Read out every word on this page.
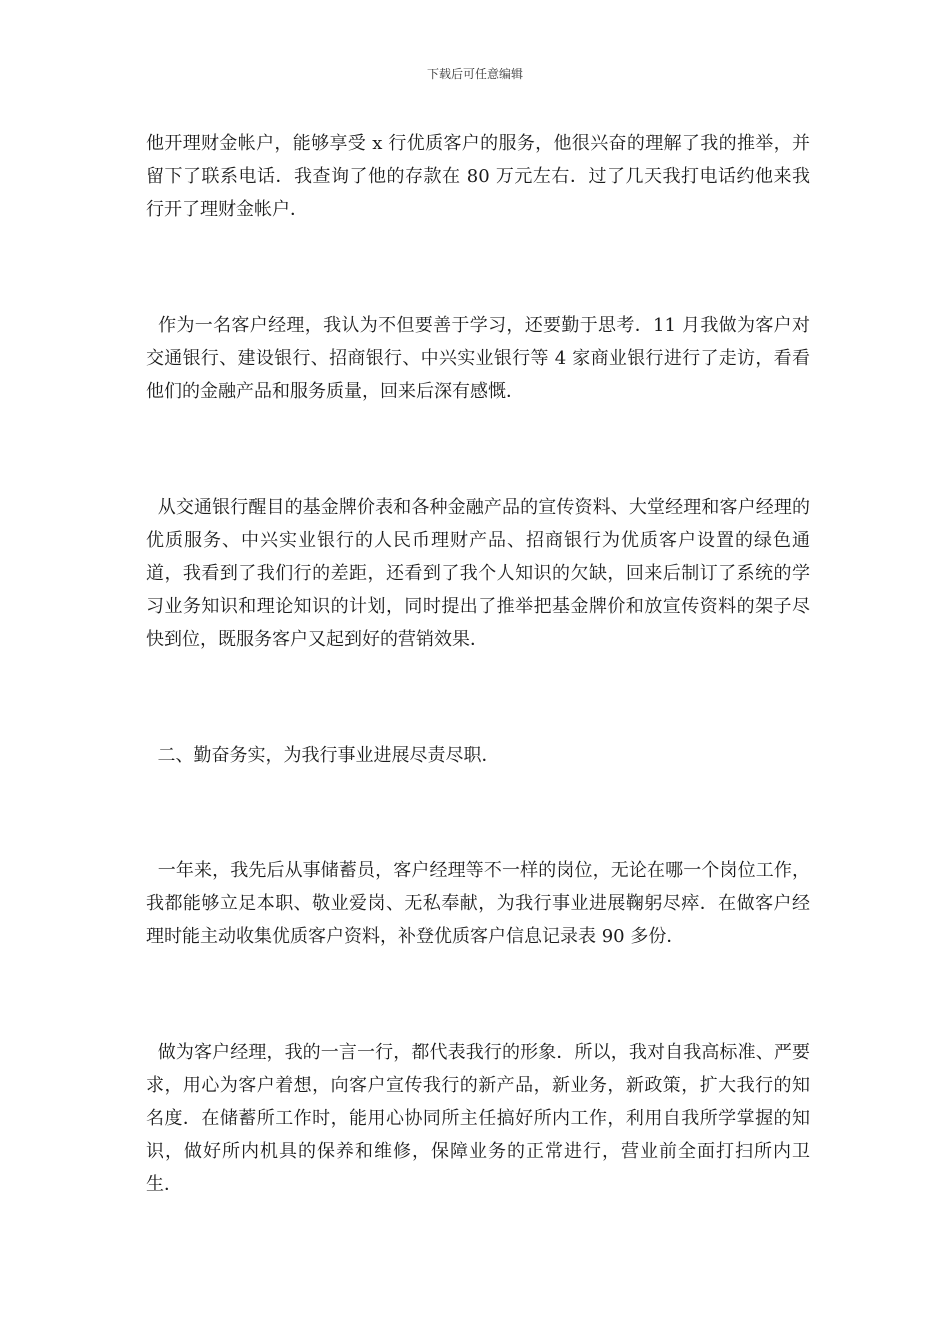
下载后可任意编辑

他开理财金帐户，能够享受 x 行优质客户的服务，他很兴奋的理解了我的推举，并留下了联系电话．我查询了他的存款在 80 万元左右．过了几天我打电话约他来我行开了理财金帐户．

作为一名客户经理，我认为不但要善于学习，还要勤于思考．11 月我做为客户对交通银行、建设银行、招商银行、中兴实业银行等 4 家商业银行进行了走访，看看他们的金融产品和服务质量，回来后深有感慨．

从交通银行醒目的基金牌价表和各种金融产品的宣传资料、大堂经理和客户经理的优质服务、中兴实业银行的人民币理财产品、招商银行为优质客户设置的绿色通道，我看到了我们行的差距，还看到了我个人知识的欠缺，回来后制订了系统的学习业务知识和理论知识的计划，同时提出了推举把基金牌价和放宣传资料的架子尽快到位，既服务客户又起到好的营销效果．

二、勤奋务实，为我行事业进展尽责尽职．

一年来，我先后从事储蓄员，客户经理等不一样的岗位，无论在哪一个岗位工作，我都能够立足本职、敬业爱岗、无私奉献，为我行事业进展鞠躬尽瘁．在做客户经理时能主动收集优质客户资料，补登优质客户信息记录表 90 多份．

做为客户经理，我的一言一行，都代表我行的形象．所以，我对自我高标准、严要求，用心为客户着想，向客户宣传我行的新产品，新业务，新政策，扩大我行的知名度．在储蓄所工作时，能用心协同所主任搞好所内工作，利用自我所学掌握的知识，做好所内机具的保养和维修，保障业务的正常进行，营业前全面打扫所内卫生．
